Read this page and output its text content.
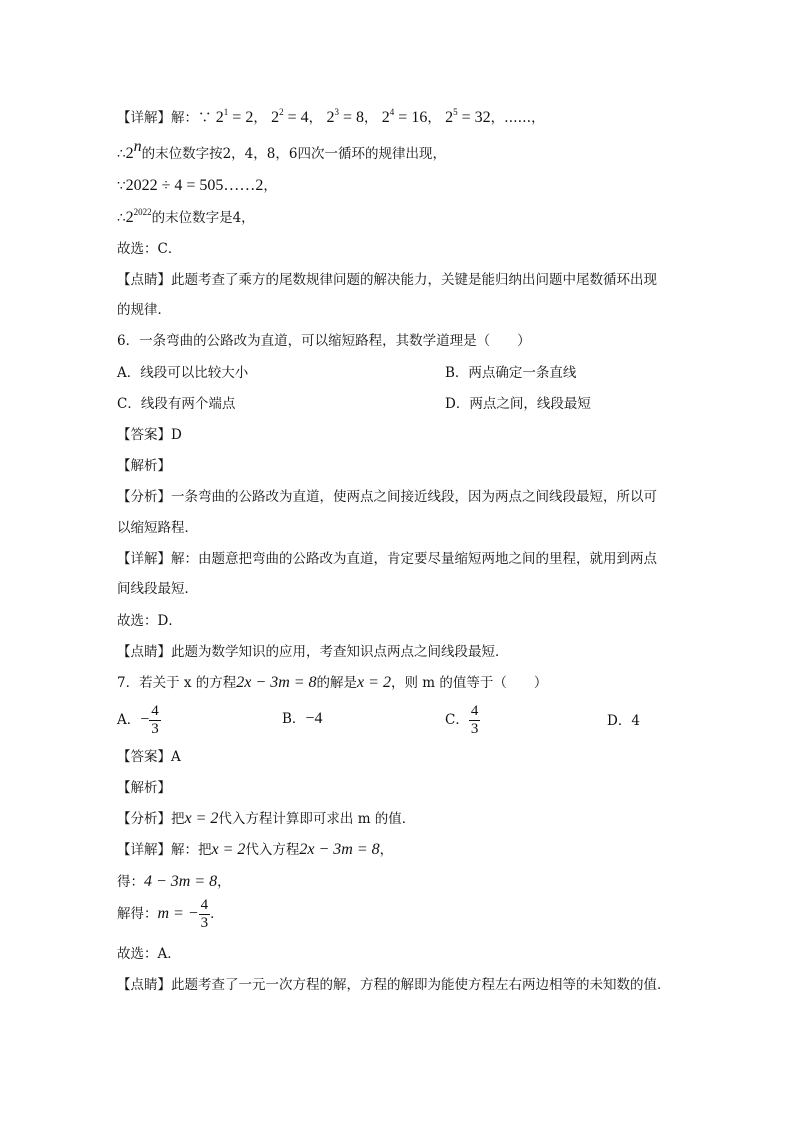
【详解】解：∵ $2^1 = 2$， $2^2 = 4$， $2^3 = 8$， $2^4 = 16$， $2^5 = 32$，……，
∴2$^n$的末位数字按2，4，8，6四次一循环的规律出现，
∵2022 ÷ 4 = 505……2，
$\therefore 2^{2022}$的末位数字是4，
故选：C．
【点睛】此题考查了乘方的尾数规律问题的解决能力，关键是能归纳出问题中尾数循环出现
的规律．
6．一条弯曲的公路改为直道，可以缩短路程，其数学道理是（　　）
A．线段可以比较大小	B．两点确定一条直线
C．线段有两个端点	D．两点之间，线段最短
【答案】D
【解析】
【分析】一条弯曲的公路改为直道，使两点之间接近线段，因为两点之间线段最短，所以可
以缩短路程．
【详解】解：由题意把弯曲的公路改为直道，肯定要尽量缩短两地之间的里程，就用到两点
间线段最短．
故选：D．
【点睛】此题为数学知识的应用，考查知识点两点之间线段最短．
7．若关于 x 的方程2x − 3m = 8的解是x = 2，则 m 的值等于（　　）
A．− $\frac{4}{3}$	B．−4	C． $\frac{4}{3}$	D．4
【答案】A
【解析】
【分析】把x = 2代入方程计算即可求出 m 的值．
【详解】解：把x = 2代入方程2x − 3m = 8，
得：4 − 3m = 8，
解得：m = − $\frac{4}{3}$ ．
故选：A．
【点睛】此题考查了一元一次方程的解，方程的解即为能使方程左右两边相等的未知数的值．
